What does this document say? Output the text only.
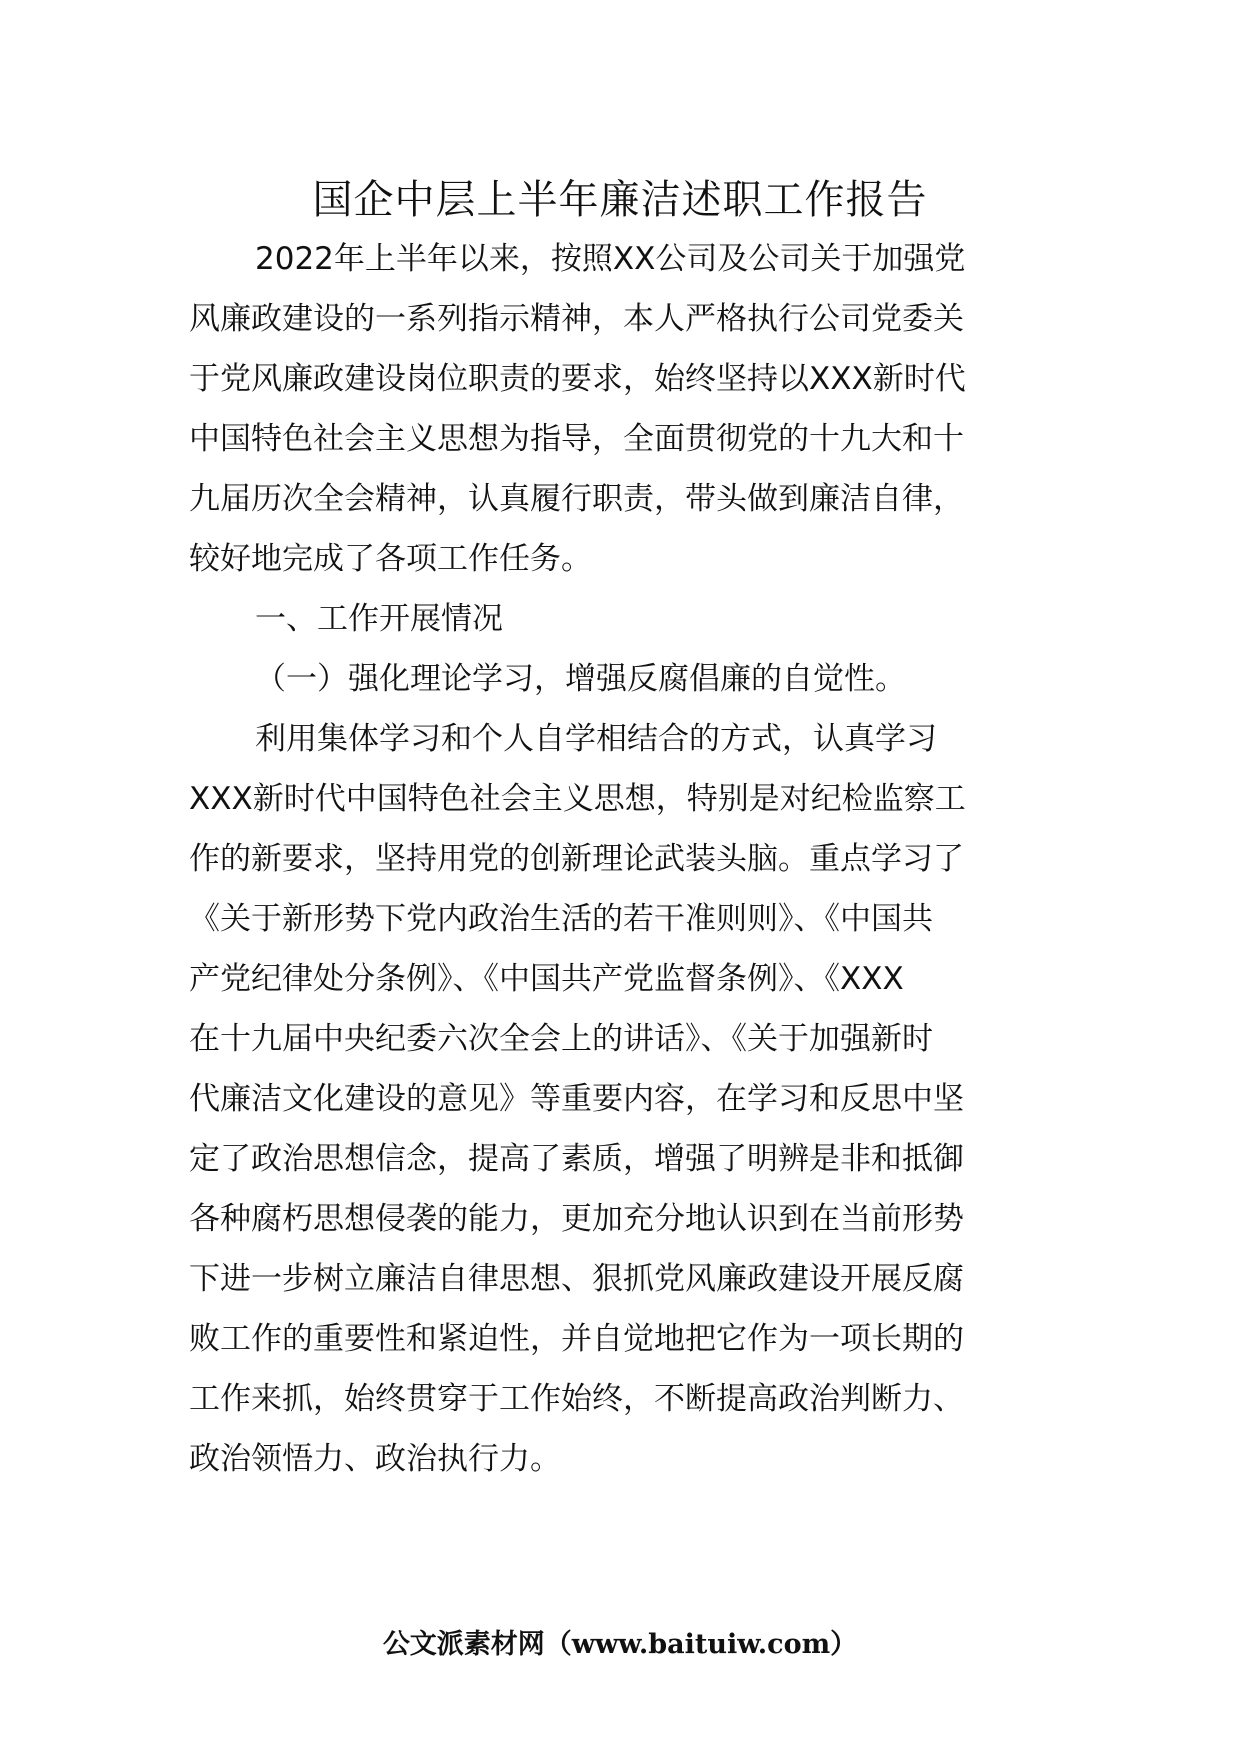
国企中层上半年廉洁述职工作报告
2022年上半年以来，按照XX公司及公司关于加强党
风廉政建设的一系列指示精神，本人严格执行公司党委关
于党风廉政建设岗位职责的要求，始终坚持以XXX新时代
中国特色社会主义思想为指导，全面贯彻党的十九大和十
九届历次全会精神，认真履行职责，带头做到廉洁自律，
较好地完成了各项工作任务。
一、工作开展情况
（一）强化理论学习，增强反腐倡廉的自觉性。
利用集体学习和个人自学相结合的方式，认真学习
XXX新时代中国特色社会主义思想，特别是对纪检监察工
作的新要求，坚持用党的创新理论武装头脑。重点学习了
《关于新形势下党内政治生活的若干准则则》、《中国共
产党纪律处分条例》、《中国共产党监督条例》、《XXX
在十九届中央纪委六次全会上的讲话》、《关于加强新时
代廉洁文化建设的意见》等重要内容，在学习和反思中坚
定了政治思想信念，提高了素质，增强了明辨是非和抵御
各种腐朽思想侵袭的能力，更加充分地认识到在当前形势
下进一步树立廉洁自律思想、狠抓党风廉政建设开展反腐
败工作的重要性和紧迫性，并自觉地把它作为一项长期的
工作来抓，始终贯穿于工作始终，不断提高政治判断力、
政治领悟力、政治执行力。
公文派素材网（www.baituiw.com）
